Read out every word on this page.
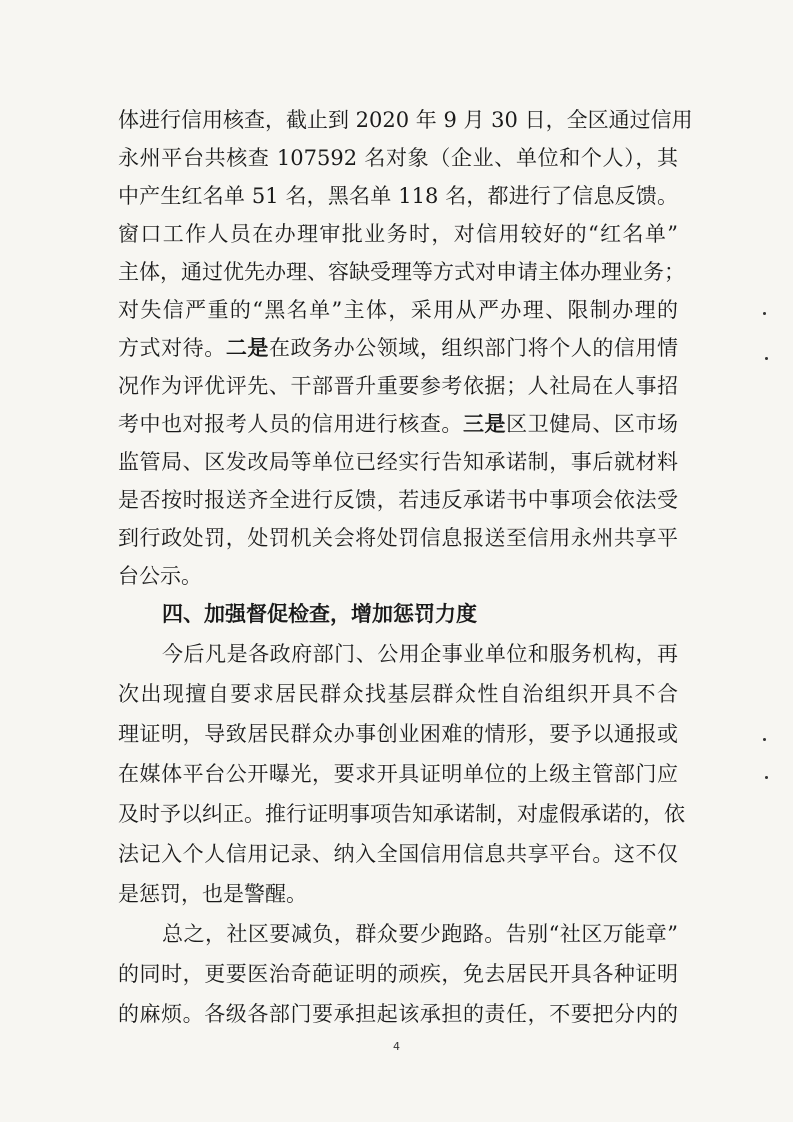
体进行信用核查，截止到 2020 年 9 月 30 日，全区通过信用
永州平台共核查 107592 名对象（企业、单位和个人），其
中产生红名单 51 名，黑名单 118 名，都进行了信息反馈。
窗口工作人员在办理审批业务时，对信用较好的“红名单”
主体，通过优先办理、容缺受理等方式对申请主体办理业务；
对失信严重的“黑名单”主体，采用从严办理、限制办理的
方式对待。二是在政务办公领域，组织部门将个人的信用情
况作为评优评先、干部晋升重要参考依据；人社局在人事招
考中也对报考人员的信用进行核查。三是区卫健局、区市场
监管局、区发改局等单位已经实行告知承诺制，事后就材料
是否按时报送齐全进行反馈，若违反承诺书中事项会依法受
到行政处罚，处罚机关会将处罚信息报送至信用永州共享平
台公示。
四、加强督促检查，增加惩罚力度
今后凡是各政府部门、公用企事业单位和服务机构，再
次出现擅自要求居民群众找基层群众性自治组织开具不合
理证明，导致居民群众办事创业困难的情形，要予以通报或
在媒体平台公开曝光，要求开具证明单位的上级主管部门应
及时予以纠正。推行证明事项告知承诺制，对虚假承诺的，依
法记入个人信用记录、纳入全国信用信息共享平台。这不仅
是惩罚，也是警醒。
总之，社区要减负，群众要少跑路。告别“社区万能章”
的同时，更要医治奇葩证明的顽疾，免去居民开具各种证明
的麻烦。各级各部门要承担起该承担的责任，不要把分内的
4
